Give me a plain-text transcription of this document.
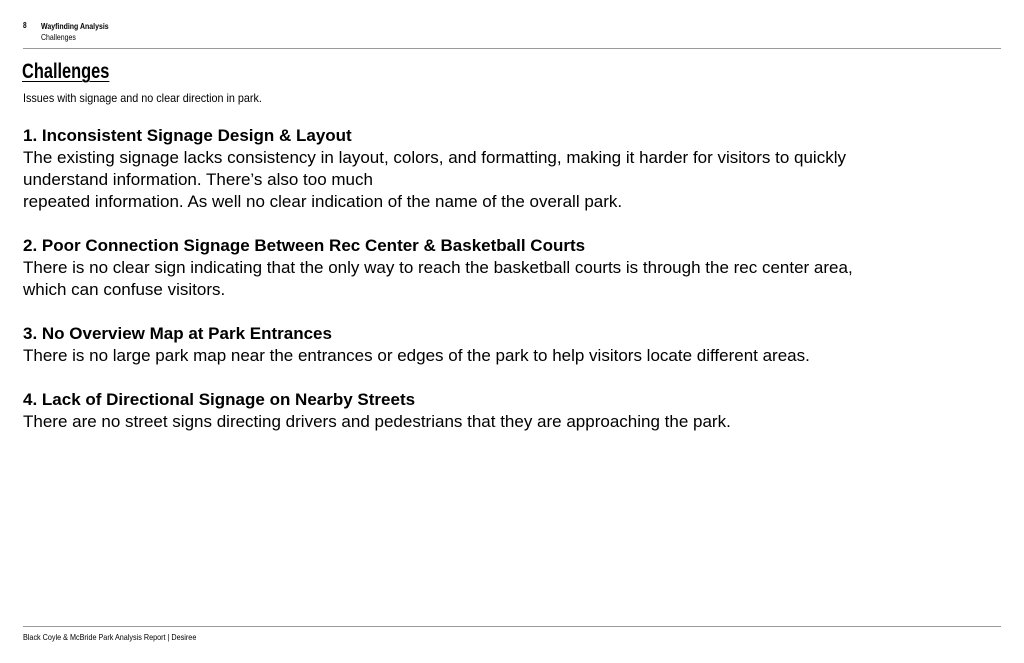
8 Wayfinding Analysis
Challenges
Challenges
Issues with signage and no clear direction in park.

1. Inconsistent Signage Design & Layout

The existing signage lacks consistency in layout, colors, and formatting, making it harder for visitors to quickly
understand information. There’s also too much
repeated information. As well no clear indication of the name of the overall park.

2. Poor Connection Signage Between Rec Center & Basketball Courts

There is no clear sign indicating that the only way to reach the basketball courts is through the rec center area,
which can confuse visitors.

3. No Overview Map at Park Entrances

There is no large park map near the entrances or edges of the park to help visitors locate different areas.

4. Lack of Directional Signage on Nearby Streets

There are no street signs directing drivers and pedestrians that they are approaching the park.

Black Coyle & McBride Park Analysis Report | Desiree
